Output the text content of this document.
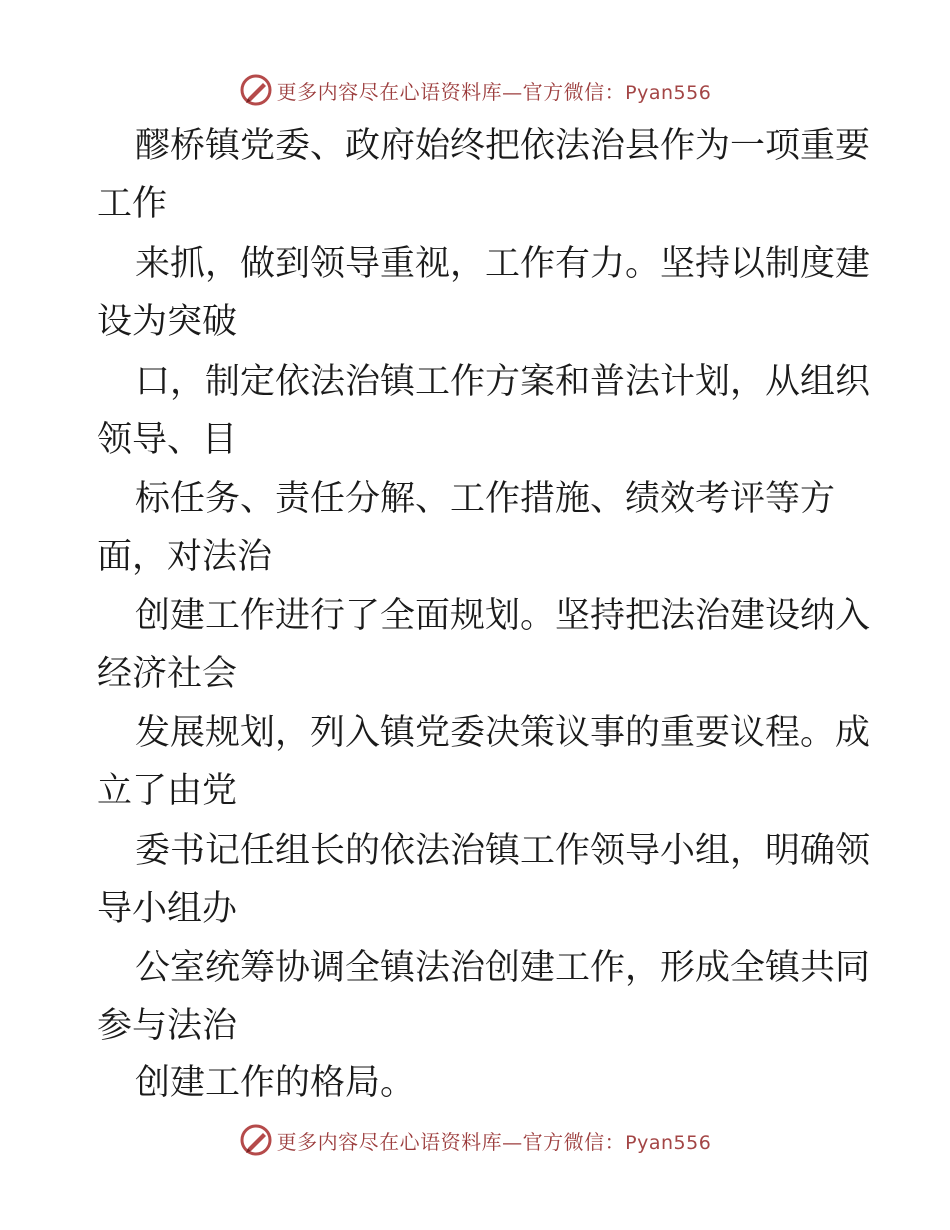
更多内容尽在心语资料库—官方微信：Pyan556
醪桥镇党委、政府始终把依法治县作为一项重要
工作
来抓，做到领导重视，工作有力。坚持以制度建
设为突破
口，制定依法治镇工作方案和普法计划，从组织
领导、目
标任务、责任分解、工作措施、绩效考评等方
面，对法治
创建工作进行了全面规划。坚持把法治建设纳入
经济社会
发展规划，列入镇党委决策议事的重要议程。成
立了由党
委书记任组长的依法治镇工作领导小组，明确领
导小组办
公室统筹协调全镇法治创建工作，形成全镇共同
参与法治
创建工作的格局。
更多内容尽在心语资料库—官方微信：Pyan556
